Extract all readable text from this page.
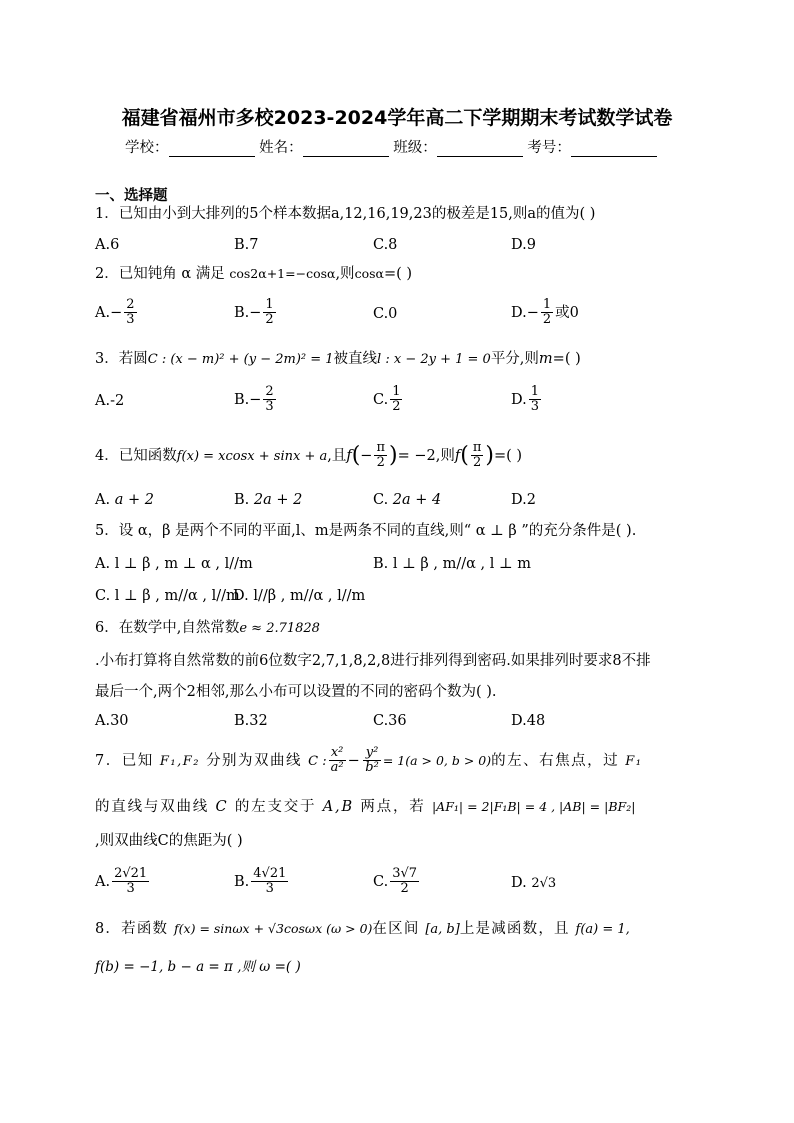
福建省福州市多校2023-2024学年高二下学期期末考试数学试卷
学校：	姓名：	班级：	考号：
一、选择题
1．已知由小到大排列的5个样本数据a,12,16,19,23的极差是15,则a的值为( )
A.6	B.7	C.8	D.9
2．已知钝角 α 满足 cos2α+1=−cosα,则cosα=( )
$A.- \frac{2}{3}$	$B.- \frac{1}{2}$	C.0	$D.- \frac{1}{2}$ 或0
3．若圆C : (x − m)² + (y − 2m)² = 1被直线l : x − 2y + 1 = 0平分,则m=( )
A.-2	$B.- \frac{2}{3}$	C. $\frac{1}{2}$	D. $\frac{1}{3}$
4．已知函数f(x) = xcosx + sinx + a,且$f(- \frac{\pi}{2}$ )= −2,则$f( \frac{\pi}{2}$ )=( )
A. a + 2	B. 2a + 2	C. 2a + 4	D.2
5．设 α，β 是两个不同的平面,l、m是两条不同的直线,则“ α ⊥ β ”的充分条件是( ).
A. l ⊥ β , m ⊥ α , l//m	B. l ⊥ β , m//α , l ⊥ m
C. l ⊥ β , m//α , l//m
D. l//β , m//α , l//m
6．在数学中,自然常数e ≈ 2.71828
.小布打算将自然常数的前6位数字2,7,1,8,2,8进行排列得到密码.如果排列时要求8不排
最后一个,两个2相邻,那么小布可以设置的不同的密码个数为( ).
A.30	B.32	C.36	D.48
7．已知 F₁,F₂ 分别为双曲线 C : $\frac{\text{x²}}{\text{a²}} - \frac{\text{y²}}{\text{b²}} = 1(a > 0$, b > 0)的左、右焦点，过 F₁
的直线与双曲线 C 的左支交于 A,B 两点，若 |AF₁| = 2|F₁B| = 4 , |AB| = |BF₂|
,则双曲线C的焦距为( )
A. $\frac{2√21}{3}$	B. $\frac{4√21}{3}$	C. $\frac{3√7}{2}$	D. 2√3
8．若函数 f(x) = sinωx + √3cosωx (ω > 0)在区间 [a, b]上是减函数，且 f(a) = 1,
f(b) = −1, b − a = π ,则 ω =( )
